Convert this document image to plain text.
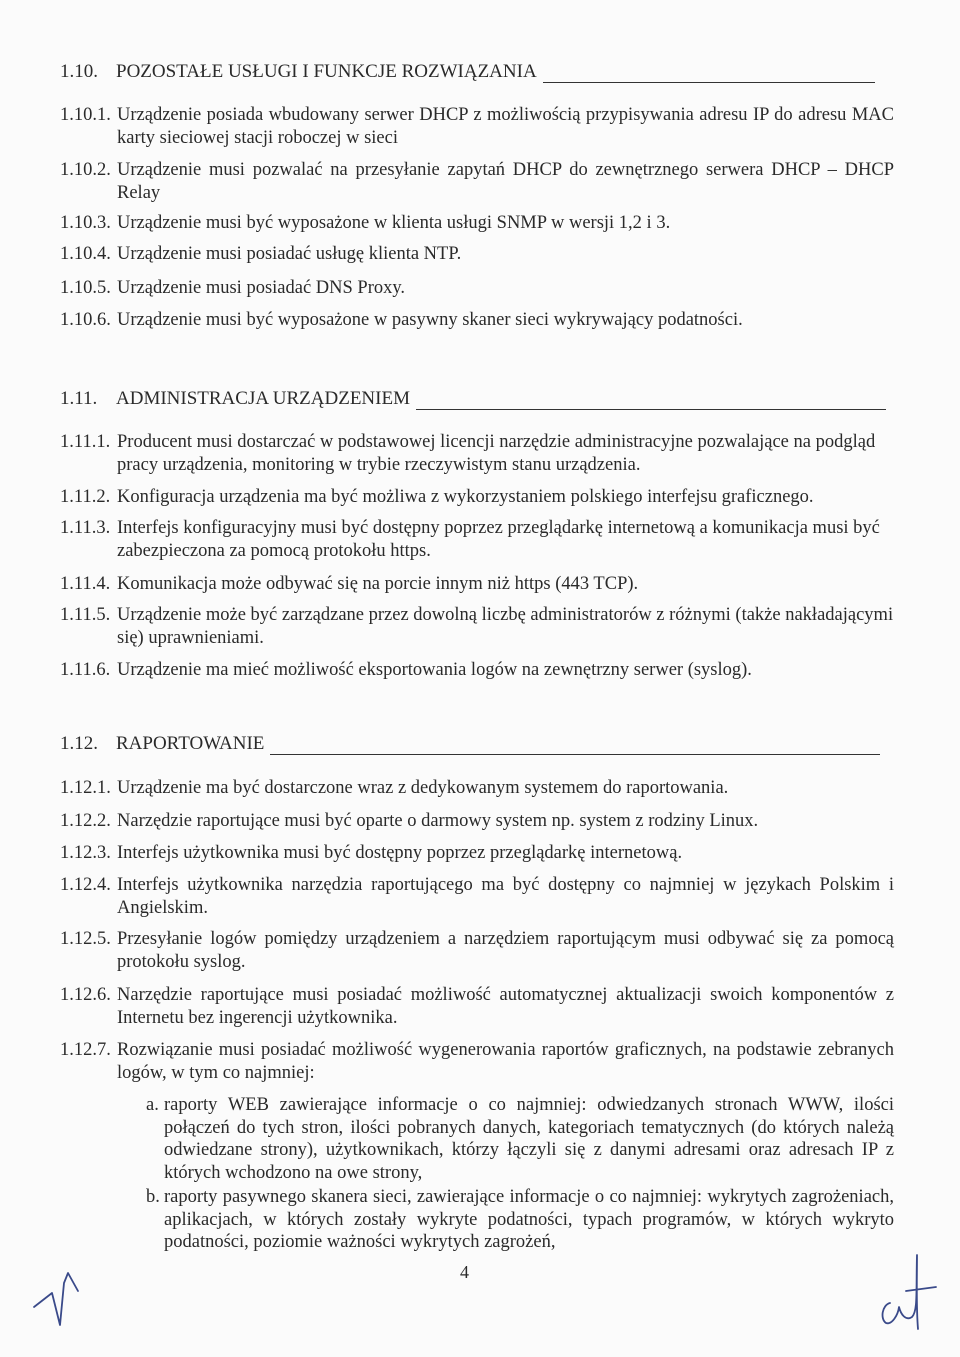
1.10. POZOSTAŁE USŁUGI I FUNKCJE ROZWIĄZANIA
1.10.1. Urządzenie posiada wbudowany serwer DHCP z możliwością przypisywania adresu IP do adresu MAC karty sieciowej stacji roboczej w sieci
1.10.2. Urządzenie musi pozwalać na przesyłanie zapytań DHCP do zewnętrznego serwera DHCP – DHCP Relay
1.10.3. Urządzenie musi być wyposażone w klienta usługi SNMP w wersji 1,2 i 3.
1.10.4. Urządzenie musi posiadać usługę klienta NTP.
1.10.5. Urządzenie musi posiadać DNS Proxy.
1.10.6. Urządzenie musi być wyposażone w pasywny skaner sieci wykrywający podatności.
1.11. ADMINISTRACJA URZĄDZENIEM
1.11.1. Producent musi dostarczać w podstawowej licencji narzędzie administracyjne pozwalające na podgląd pracy urządzenia, monitoring w trybie rzeczywistym stanu urządzenia.
1.11.2. Konfiguracja urządzenia ma być możliwa z wykorzystaniem polskiego interfejsu graficznego.
1.11.3. Interfejs konfiguracyjny musi być dostępny poprzez przeglądarkę internetową a komunikacja musi być zabezpieczona za pomocą protokołu https.
1.11.4. Komunikacja może odbywać się na porcie innym niż https (443 TCP).
1.11.5. Urządzenie może być zarządzane przez dowolną liczbę administratorów z różnymi (także nakładającymi się) uprawnieniami.
1.11.6. Urządzenie ma mieć możliwość eksportowania logów na zewnętrzny serwer (syslog).
1.12. RAPORTOWANIE
1.12.1. Urządzenie ma być dostarczone wraz z dedykowanym systemem do raportowania.
1.12.2. Narzędzie raportujące musi być oparte o darmowy system np. system z rodziny Linux.
1.12.3. Interfejs użytkownika musi być dostępny poprzez przeglądarkę internetową.
1.12.4. Interfejs użytkownika narzędzia raportującego ma być dostępny co najmniej w językach Polskim i Angielskim.
1.12.5. Przesyłanie logów pomiędzy urządzeniem a narzędziem raportującym musi odbywać się za pomocą protokołu syslog.
1.12.6. Narzędzie raportujące musi posiadać możliwość automatycznej aktualizacji swoich komponentów z Internetu bez ingerencji użytkownika.
1.12.7. Rozwiązanie musi posiadać możliwość wygenerowania raportów graficznych, na podstawie zebranych logów, w tym co najmniej:
a. raporty WEB zawierające informacje o co najmniej: odwiedzanych stronach WWW, ilości połączeń do tych stron, ilości pobranych danych, kategoriach tematycznych (do których należą odwiedzane strony), użytkownikach, którzy łączyli się z danymi adresami oraz adresach IP z których wchodzono na owe strony,
b. raporty pasywnego skanera sieci, zawierające informacje o co najmniej: wykrytych zagrożeniach, aplikacjach, w których zostały wykryte podatności, typach programów, w których wykryto podatności, poziomie ważności wykrytych zagrożeń,
4
